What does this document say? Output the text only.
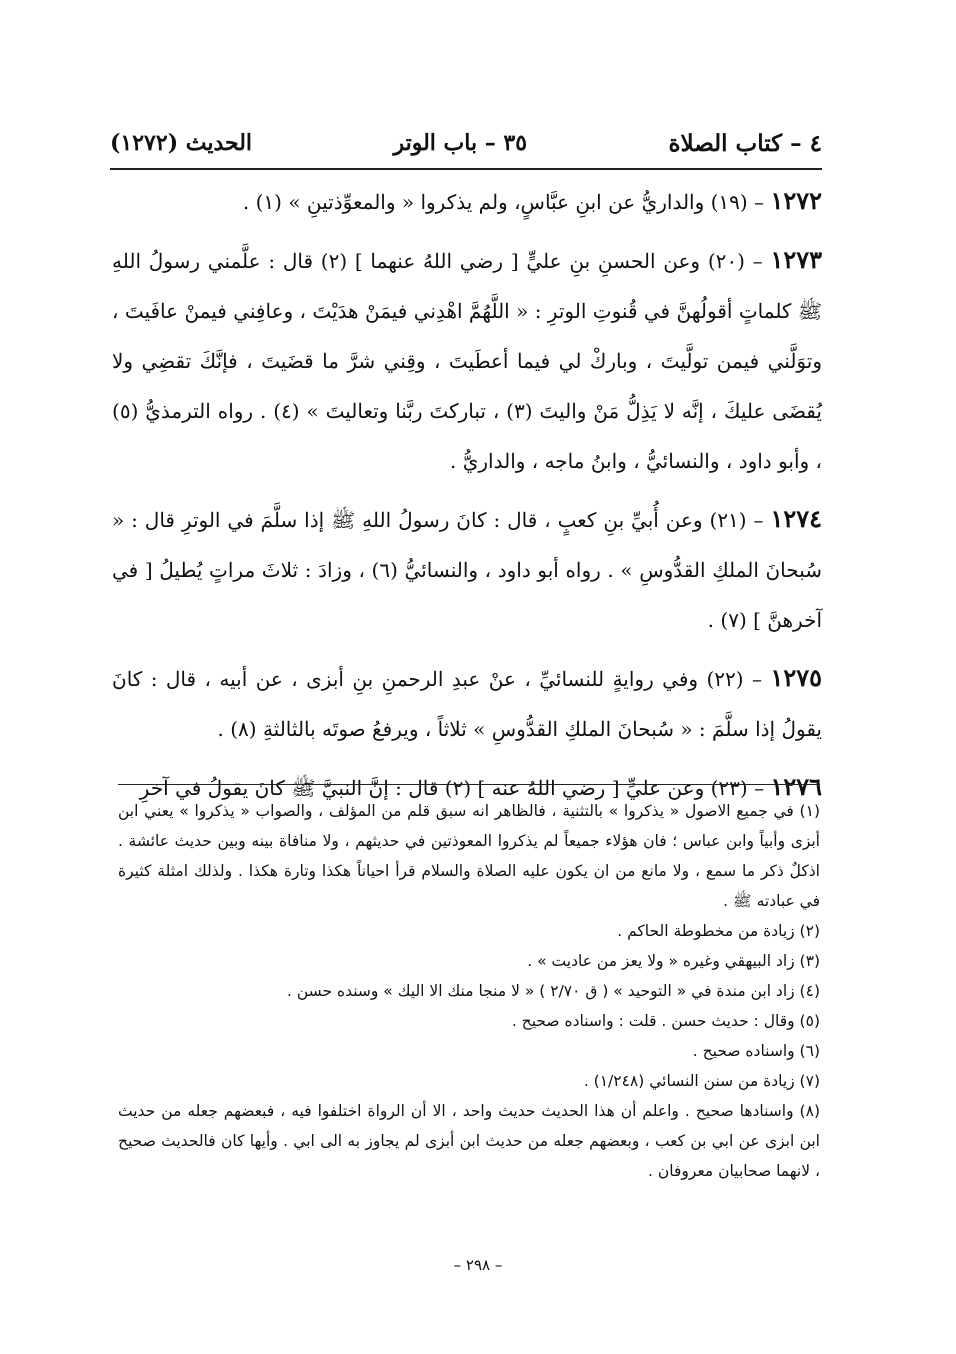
٤ – كتاب الصلاة
٣٥ – باب الوتر
الحديث (١٢٧٢)

١٢٧٢ – (١٩) والداريُّ عن ابنِ عبَّاسٍ، ولم يذكروا « والمعوِّذتينِ » (١) .

١٢٧٣ – (٢٠) وعن الحسنِ بنِ عليٍّ [ رضي اللهُ عنهما ] (٢) قال : علَّمني رسولُ اللهِ ﷺ كلماتٍ أقولُهنَّ في قُنوتِ الوترِ : « اللَّهُمَّ اهْدِني فيمَنْ هدَيْتَ ، وعافِني فيمنْ عافَيتَ ، وتوَلَّني فيمن تولَّيتَ ، وباركْ لي فيما أعطَيتَ ، وقِني شرَّ ما قضَيتَ ، فإنَّكَ تقضِي ولا يُقضَى عليكَ ، إنَّه لا يَذِلُّ مَنْ واليتَ (٣) ، تباركتَ ربَّنا وتعاليتَ » (٤) . رواه الترمذيُّ (٥) ، وأبو داود ، والنسائيُّ ، وابنُ ماجه ، والداريُّ .

١٢٧٤ – (٢١) وعن أُبيِّ بنِ كعبٍ ، قال : كانَ رسولُ اللهِ ﷺ إذا سلَّمَ في الوترِ قال : « سُبحانَ الملكِ القدُّوسِ » . رواه أبو داود ، والنسائيُّ (٦) ، وزادَ : ثلاثَ مراتٍ يُطيلُ [ في آخرهنَّ ] (٧) .

١٢٧٥ – (٢٢) وفي روايةٍ للنسائيِّ ، عنْ عبدِ الرحمنِ بنِ أبزى ، عن أبيه ، قال : كانَ يقولُ إذا سلَّمَ : « سُبحانَ الملكِ القدُّوسِ » ثلاثاً ، ويرفعُ صوتَه بالثالثةِ (٨) .

١٢٧٦ – (٢٣) وعن عليٍّ [ رضي اللهُ عنه ] (٢) قال : إنَّ النبيَّ ﷺ كانَ يقولُ في آخرِ

(١) في جميع الاصول « يذكروا » بالتثنية ، فالظاهر انه سبق قلم من المؤلف ، والصواب « يذكروا » يعني ابن أبزى وأبياً وابن عباس ؛ فان هؤلاء جميعاً لم يذكروا المعوذتين في حديثهم ، ولا منافاة بينه وبين حديث عائشة . اذكلٌ ذكر ما سمع ، ولا مانع من ان يكون عليه الصلاة والسلام قرأ احياناً هكذا وتارة هكذا . ولذلك امثلة كثيرة في عبادته ﷺ .

(٢) زيادة من مخطوطة الحاكم .

(٣) زاد البيهقي وغيره « ولا يعز من عاديت » .

(٤) زاد ابن مندة في « التوحيد » ( ق ٢/٧٠ ) « لا منجا منك الا اليك » وسنده حسن .

(٥) وقال : حديث حسن . قلت : واسناده صحيح .

(٦) واسناده صحيح .

(٧) زيادة من سنن النسائي (١/٢٤٨) .

(٨) واسنادها صحيح . واعلم أن هذا الحديث حديث واحد ، الا أن الرواة اختلفوا فيه ، فبعضهم جعله من حديث ابن ابزى عن ابي بن كعب ، وبعضهم جعله من حديث ابن أبزى لم يجاوز به الى ابي . وأيها كان فالحديث صحيح ، لانهما صحابيان معروفان .

– ٢٩٨ –
